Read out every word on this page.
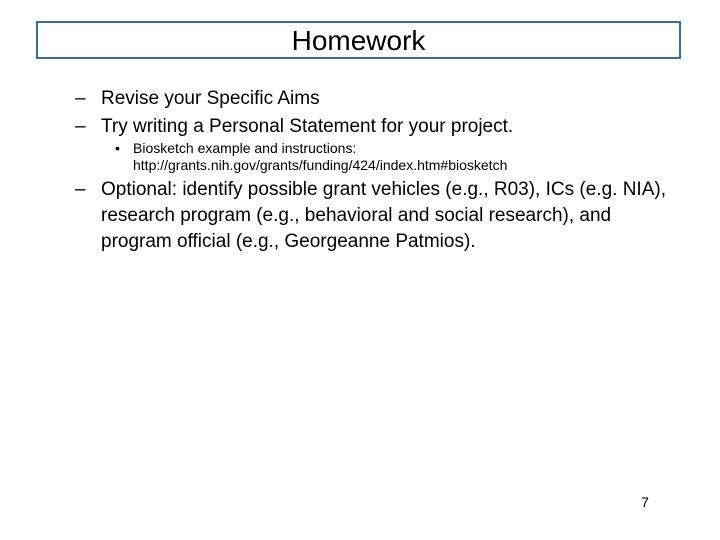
Homework
– Revise your Specific Aims
– Try writing a Personal Statement for your project.
• Biosketch example and instructions:
http://grants.nih.gov/grants/funding/424/index.htm#biosketch
– Optional: identify possible grant vehicles (e.g., R03), ICs (e.g. NIA), research program (e.g., behavioral and social research), and program official (e.g., Georgeanne Patmios).
7
